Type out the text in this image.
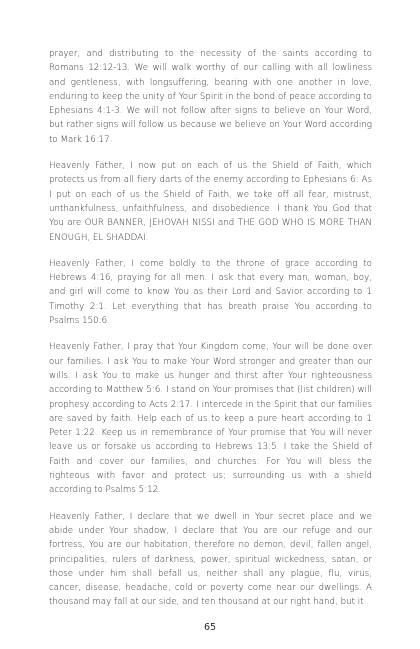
prayer, and distributing to the necessity of the saints according to Romans 12:12-13. We will walk worthy of our calling with all lowliness and gentleness, with longsuffering, bearing with one another in love, enduring to keep the unity of Your Spirit in the bond of peace according to Ephesians 4:1-3. We will not follow after signs to believe on Your Word, but rather signs will follow us because we believe on Your Word according to Mark 16:17.

Heavenly Father, I now put on each of us the Shield of Faith, which protects us from all fiery darts of the enemy according to Ephesians 6: As I put on each of us the Shield of Faith, we take off all fear, mistrust, unthankfulness, unfaithfulness, and disobedience. I thank You God that You are OUR BANNER, JEHOVAH NISSI and THE GOD WHO IS MORE THAN ENOUGH, EL SHADDAI.

Heavenly Father, I come boldly to the throne of grace according to Hebrews 4:16, praying for all men. I ask that every man, woman, boy, and girl will come to know You as their Lord and Savior according to 1 Timothy 2:1. Let everything that has breath praise You according to Psalms 150:6.

Heavenly Father, I pray that Your Kingdom come, Your will be done over our families. I ask You to make Your Word stronger and greater than our wills. I ask You to make us hunger and thirst after Your righteousness according to Matthew 5:6. I stand on Your promises that (list children) will prophesy according to Acts 2:17. I intercede in the Spirit that our families are saved by faith. Help each of us to keep a pure heart according to 1 Peter 1:22. Keep us in remembrance of Your promise that You will never leave us or forsake us according to Hebrews 13:5. I take the Shield of Faith and cover our families, and churches: For You will bless the righteous with favor and protect us; surrounding us with a shield according to Psalms 5:12.

Heavenly Father, I declare that we dwell in Your secret place and we abide under Your shadow, I declare that You are our refuge and our fortress, You are our habitation, therefore no demon, devil, fallen angel, principalities, rulers of darkness, power, spiritual wickedness, satan, or those under him shall befall us, neither shall any plague, flu, virus, cancer, disease, headache, cold or poverty come near our dwellings. A thousand may fall at our side, and ten thousand at our right hand, but it

65
